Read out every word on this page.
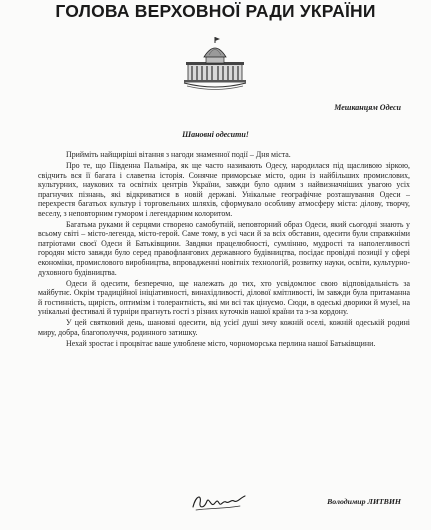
ГОЛОВА ВЕРХОВНОЇ РАДИ УКРАЇНИ
Мешканцям Одеси
Шановні одесити!

Прийміть найщиріші вітання з нагоди знаменної події – Дня міста.

Про те, що Південна Пальміра, як ще часто називають Одесу, народилася під щасливою зіркою, свідчить вся її багата і славетна історія. Сонячне приморське місто, один із найбільших промислових, культурних, наукових та освітніх центрів України, завжди було одним з найвизначніших увагою усіх прагнучих пізнань, які відкриватися в новій державі. Унікальне географічне розташування Одеси – перехрестя багатьох культур і торговельних шляхів, сформувало особливу атмосферу міста: ділову, творчу, веселу, з неповторним гумором і легендарним колоритом.

Багатьма руками й серцями створено самобутній, неповторний образ Одеси, який сьогодні знають у всьому світі – місто-легенда, місто-герой. Саме тому, в усі часи й за всіх обставин, одесити були справжніми патріотами своєї Одеси й Батьківщини. Завдяки працелюбності, сумлінню, мудрості та наполегливості городян місто завжди було серед правофлангових державного будівництва, посідає провідні позиції у сфері економіки, промислового виробництва, впровадженні новітніх технологій, розвитку науки, освіти, культурно-духовного будівництва.

Одеси й одесити, безперечно, ще належать до тих, хто усвідомлює свою відповідальність за майбутнє. Окрім традиційної ініціативності, винахідливості, ділової кмітливості, їм завжди була притаманна й гостинність, щирість, оптимізм і толерантність, які ми всі так цінуємо. Сюди, в одеські дворики й музеї, на унікальні фестивалі й турніри прагнуть гості з різних куточків нашої країни та з-за кордону.

У цей святковий день, шановні одесити, від усієї душі зичу кожній оселі, кожній одеській родині миру, добра, благополуччя, родинного затишку.

Нехай зростає і процвітає ваше улюблене місто, чорноморська перлина нашої Батьківщини.

Володимир ЛИТВИН
